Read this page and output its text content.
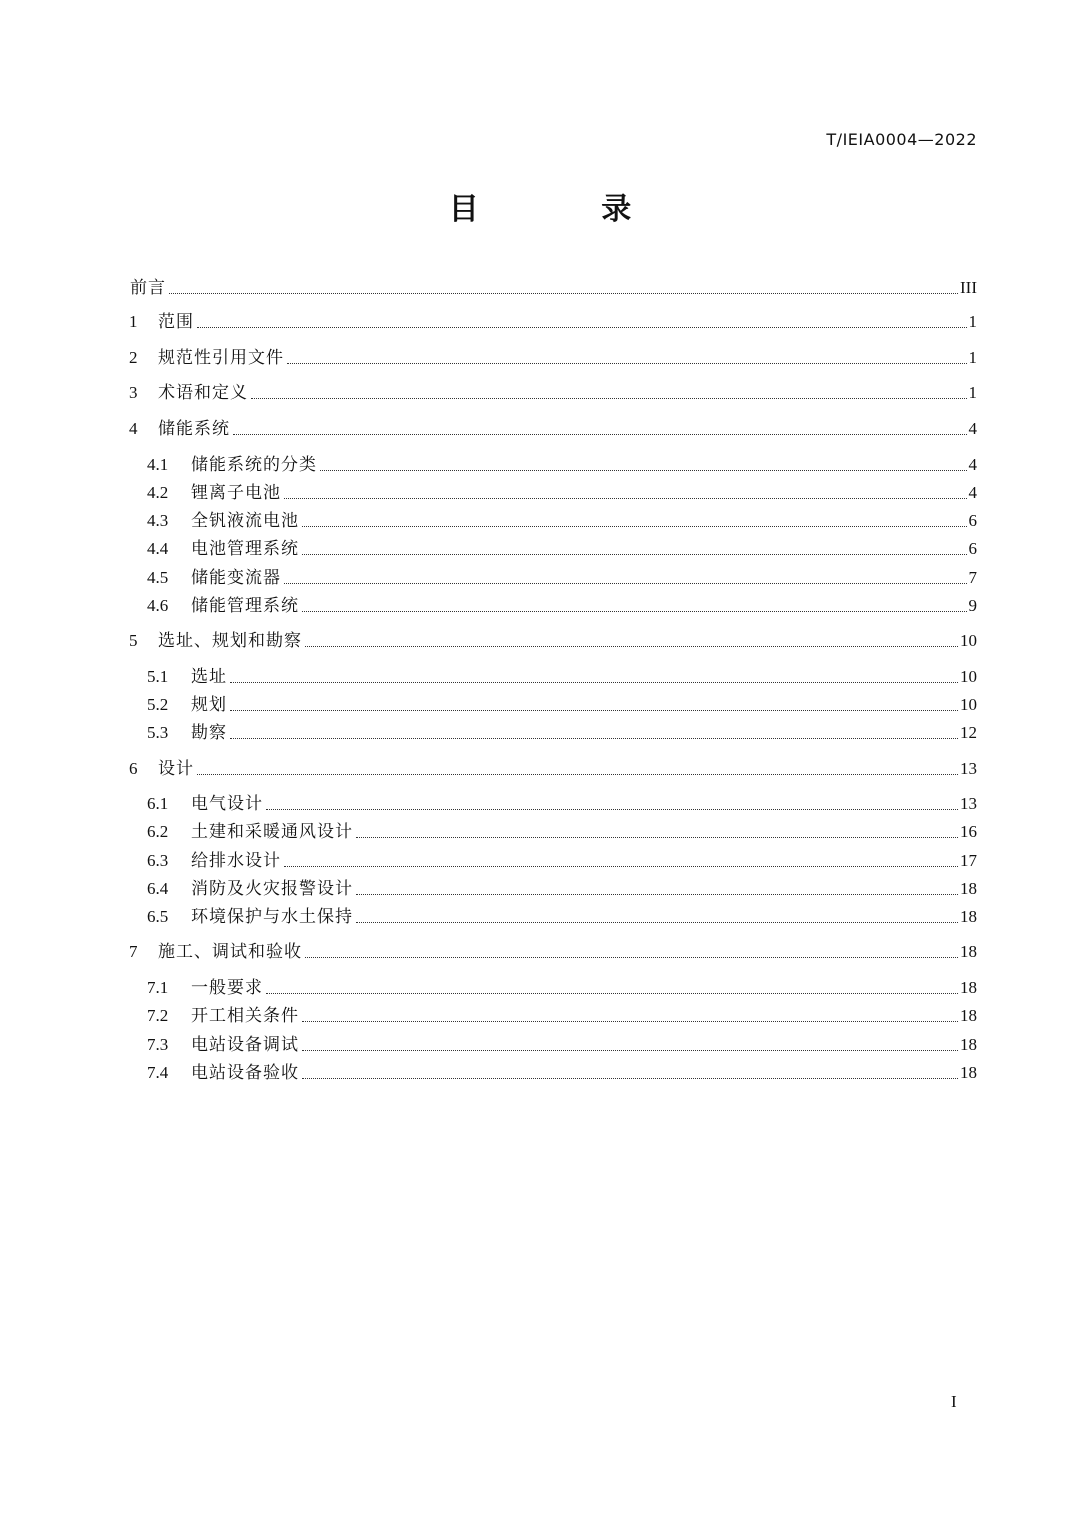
T/IEIA0004—2022
目 录
前言	III
1	范围	1
2	规范性引用文件	1
3	术语和定义	1
4	储能系统	4
4.1	储能系统的分类	4
4.2	锂离子电池	4
4.3	全钒液流电池	6
4.4	电池管理系统	6
4.5	储能变流器	7
4.6	储能管理系统	9
5	选址、规划和勘察	10
5.1	选址	10
5.2	规划	10
5.3	勘察	12
6	设计	13
6.1	电气设计	13
6.2	土建和采暖通风设计	16
6.3	给排水设计	17
6.4	消防及火灾报警设计	18
6.5	环境保护与水土保持	18
7	施工、调试和验收	18
7.1	一般要求	18
7.2	开工相关条件	18
7.3	电站设备调试	18
7.4	电站设备验收	18
I
